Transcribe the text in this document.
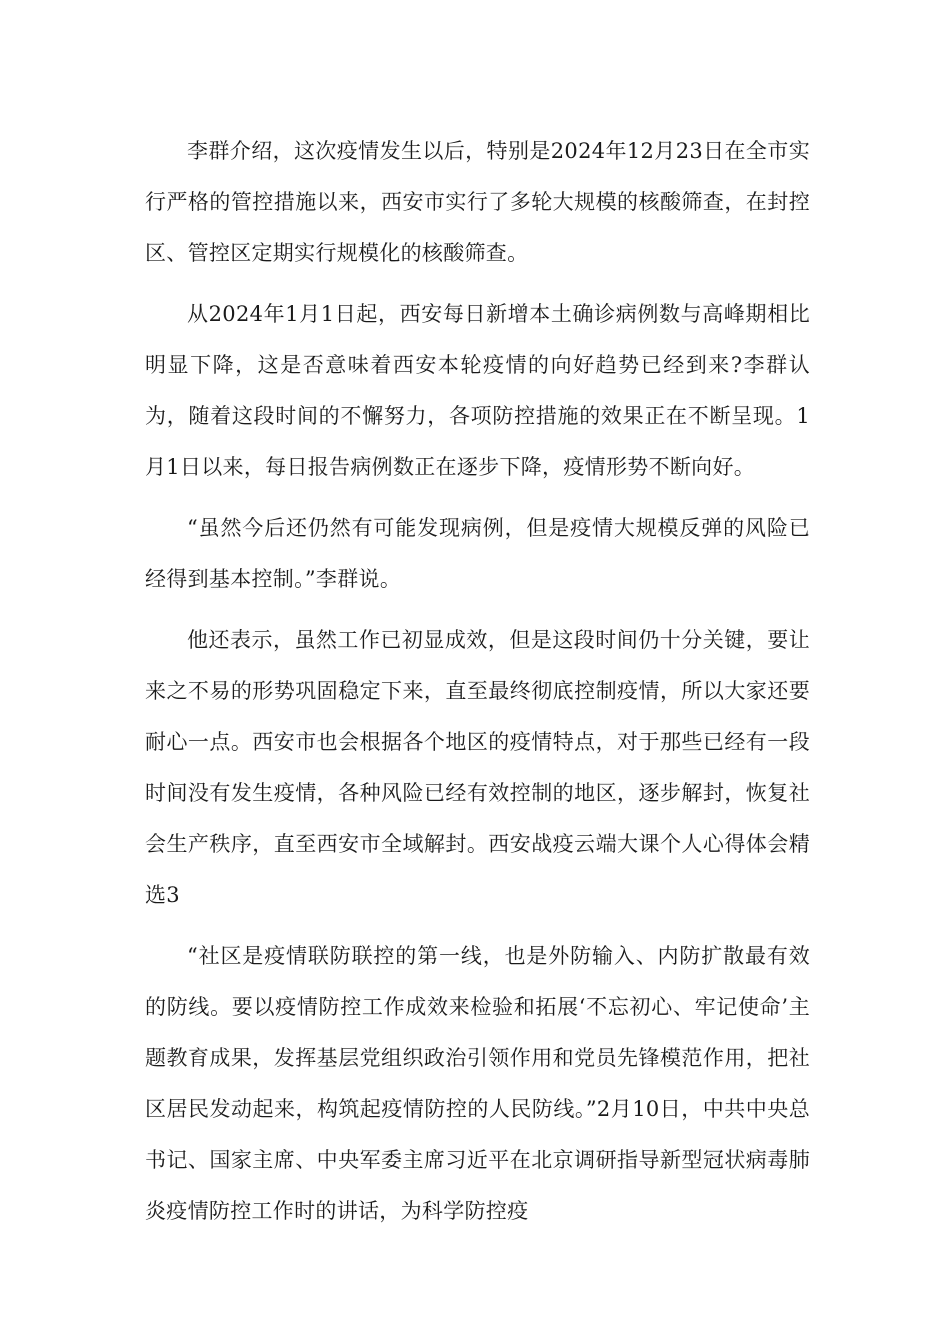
李群介绍，这次疫情发生以后，特别是2024年12月23日在全市实行严格的管控措施以来，西安市实行了多轮大规模的核酸筛查，在封控区、管控区定期实行规模化的核酸筛查。

从2024年1月1日起，西安每日新增本土确诊病例数与高峰期相比明显下降，这是否意味着西安本轮疫情的向好趋势已经到来?李群认为，随着这段时间的不懈努力，各项防控措施的效果正在不断呈现。1月1日以来，每日报告病例数正在逐步下降，疫情形势不断向好。

“虽然今后还仍然有可能发现病例，但是疫情大规模反弹的风险已经得到基本控制。”李群说。

他还表示，虽然工作已初显成效，但是这段时间仍十分关键，要让来之不易的形势巩固稳定下来，直至最终彻底控制疫情，所以大家还要耐心一点。西安市也会根据各个地区的疫情特点，对于那些已经有一段时间没有发生疫情，各种风险已经有效控制的地区，逐步解封，恢复社会生产秩序，直至西安市全域解封。西安战疫云端大课个人心得体会精选3

“社区是疫情联防联控的第一线，也是外防输入、内防扩散最有效的防线。要以疫情防控工作成效来检验和拓展‘不忘初心、牢记使命’主题教育成果，发挥基层党组织政治引领作用和党员先锋模范作用，把社区居民发动起来，构筑起疫情防控的人民防线。”2月10日，中共中央总书记、国家主席、中央军委主席习近平在北京调研指导新型冠状病毒肺炎疫情防控工作时的讲话，为科学防控疫
